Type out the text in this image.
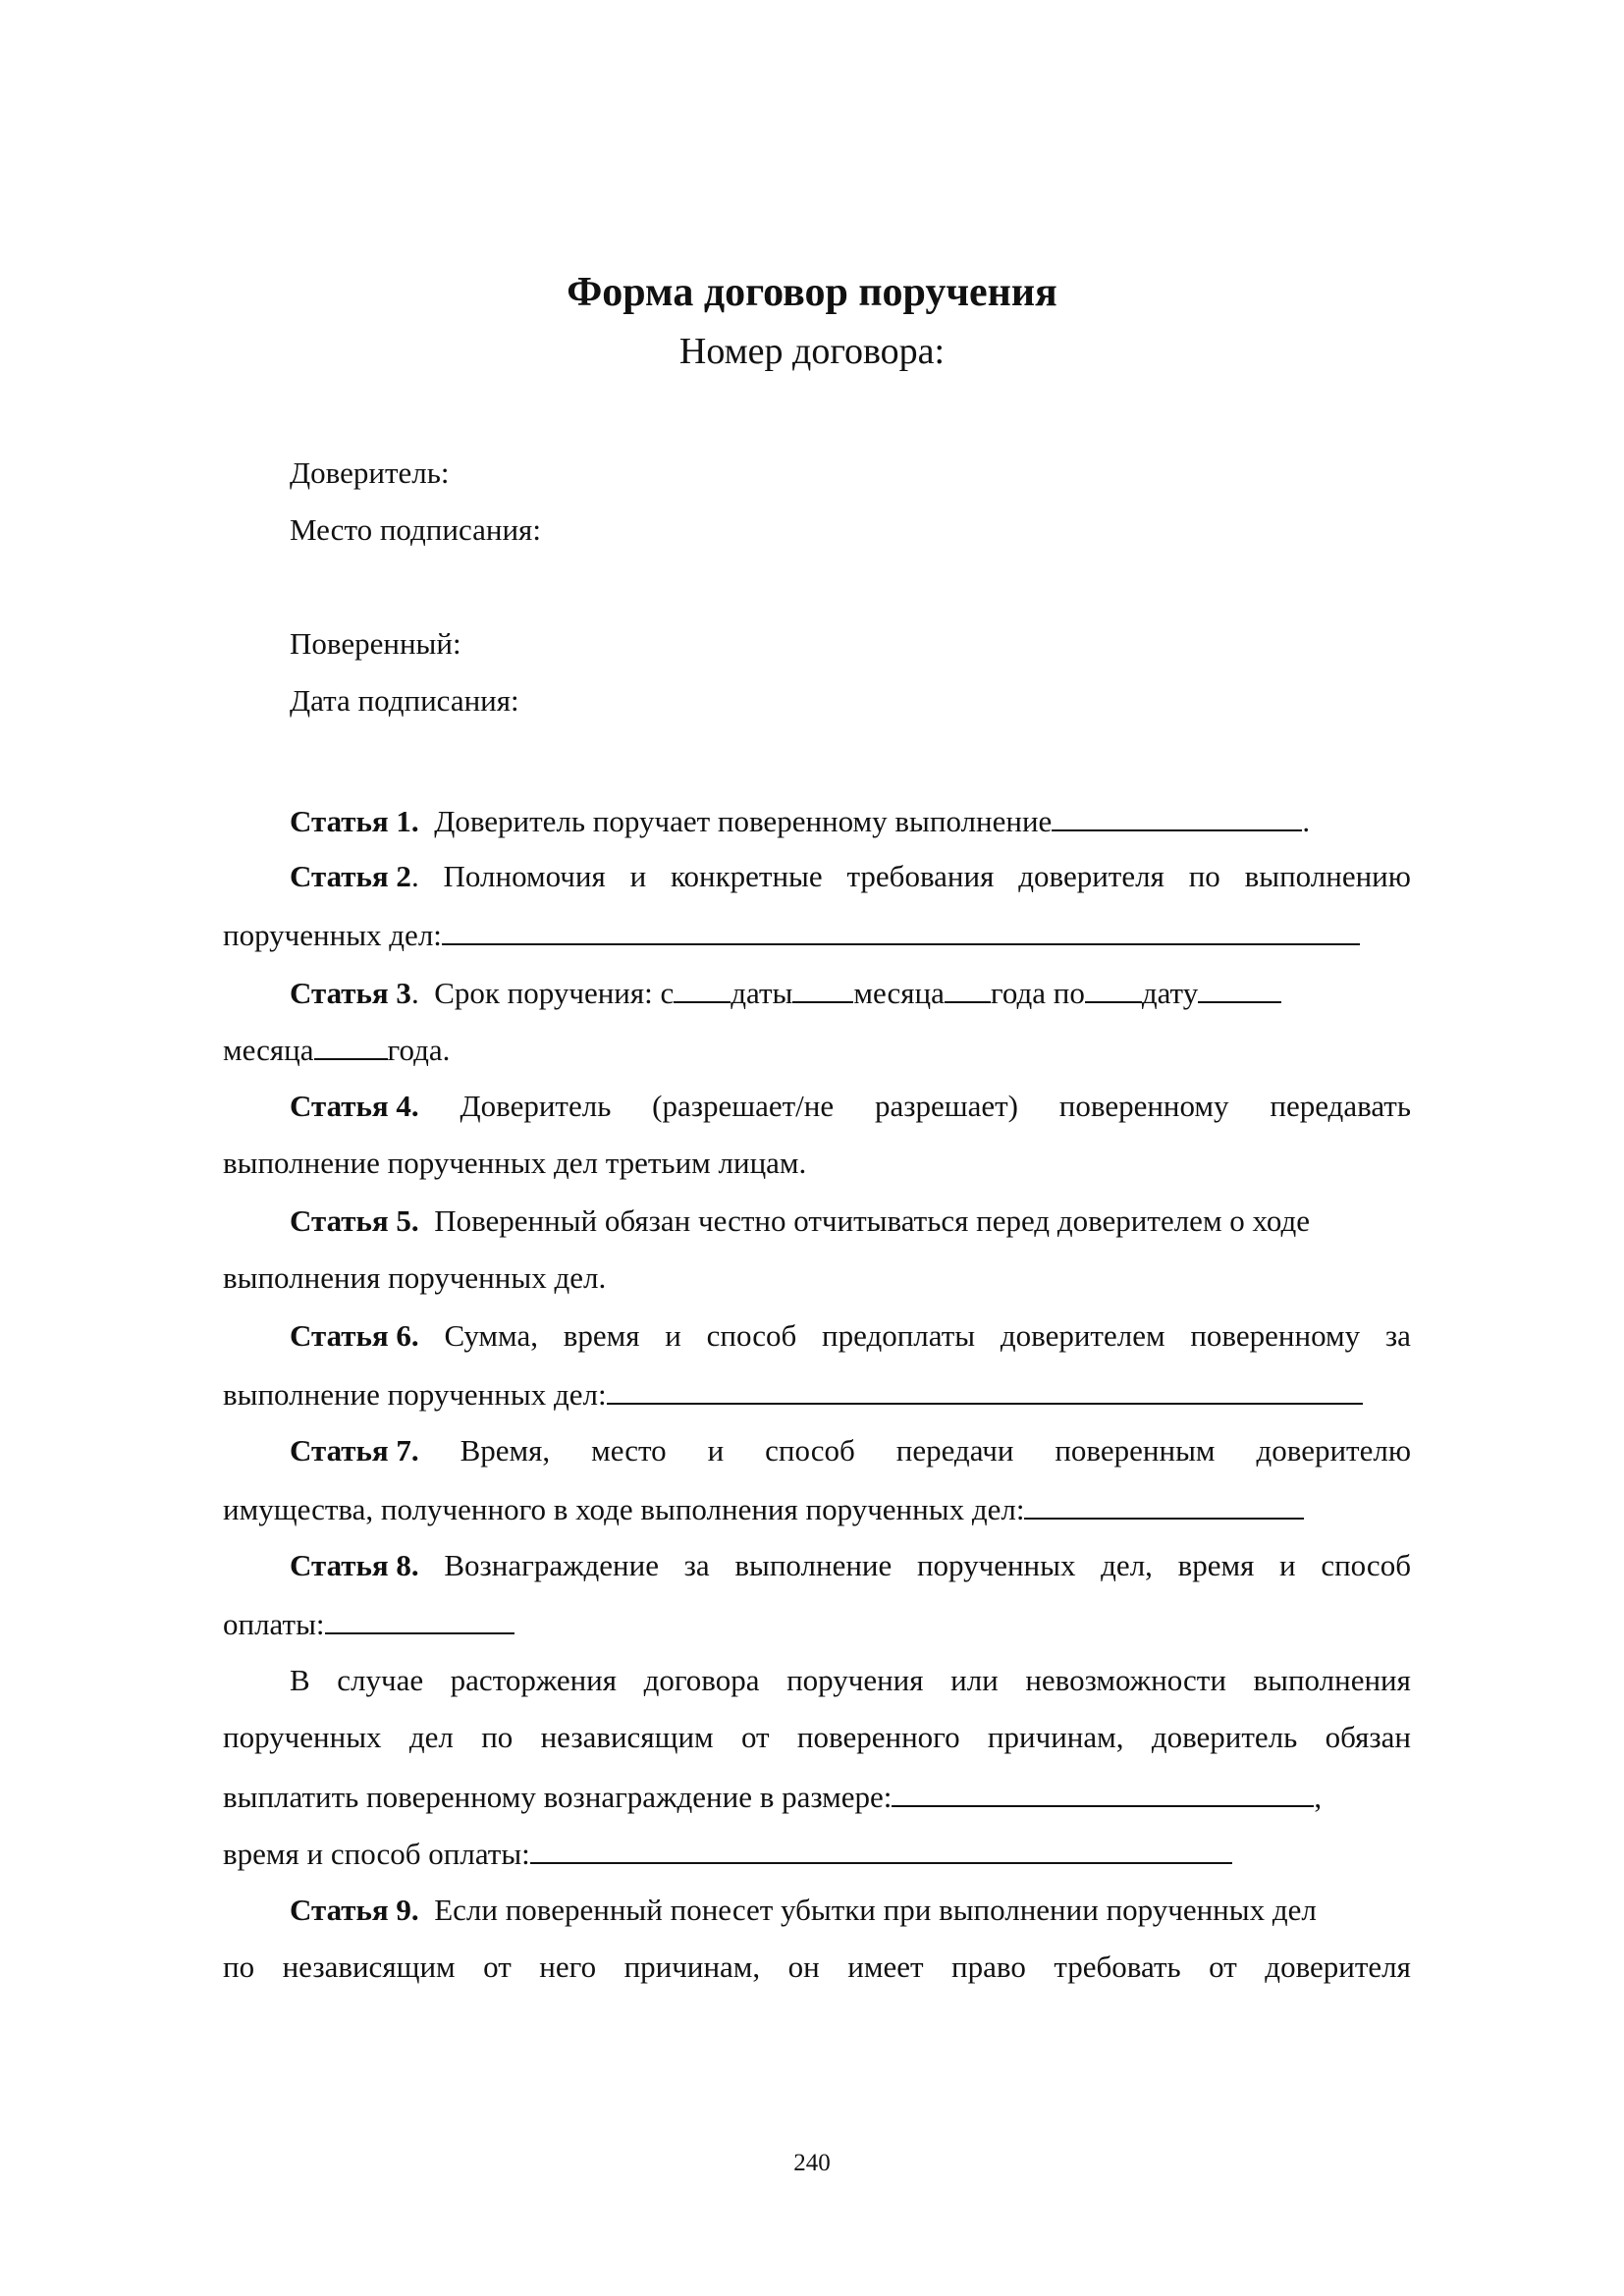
Форма договор поручения
Номер договора:
Доверитель:
Место подписания:
Поверенный:
Дата подписания:
Статья 1. Доверитель поручает поверенному выполнение	.
Статья 2. Полномочия и конкретные требования доверителя по выполнению
порученных дел:
Статья 3. Срок поручения: с даты месяца года по дату
месяца года.
Статья 4. Доверитель (разрешает/не разрешает) поверенному передавать
выполнение порученных дел третьим лицам.
Статья 5. Поверенный обязан честно отчитываться перед доверителем о ходе
выполнения порученных дел.
Статья 6. Сумма, время и способ предоплаты доверителем поверенному за
выполнение порученных дел:
Статья 7. Время, место и способ передачи поверенным доверителю
имущества, полученного в ходе выполнения порученных дел:
Статья 8. Вознаграждение за выполнение порученных дел, время и способ
оплаты:
В случае расторжения договора поручения или невозможности выполнения
порученных дел по независящим от поверенного причинам, доверитель обязан
выплатить поверенному вознаграждение в размере:	,
время и способ оплаты:
Статья 9. Если поверенный понесет убытки при выполнении порученных дел
по независящим от него причинам, он имеет право требовать от доверителя
240
